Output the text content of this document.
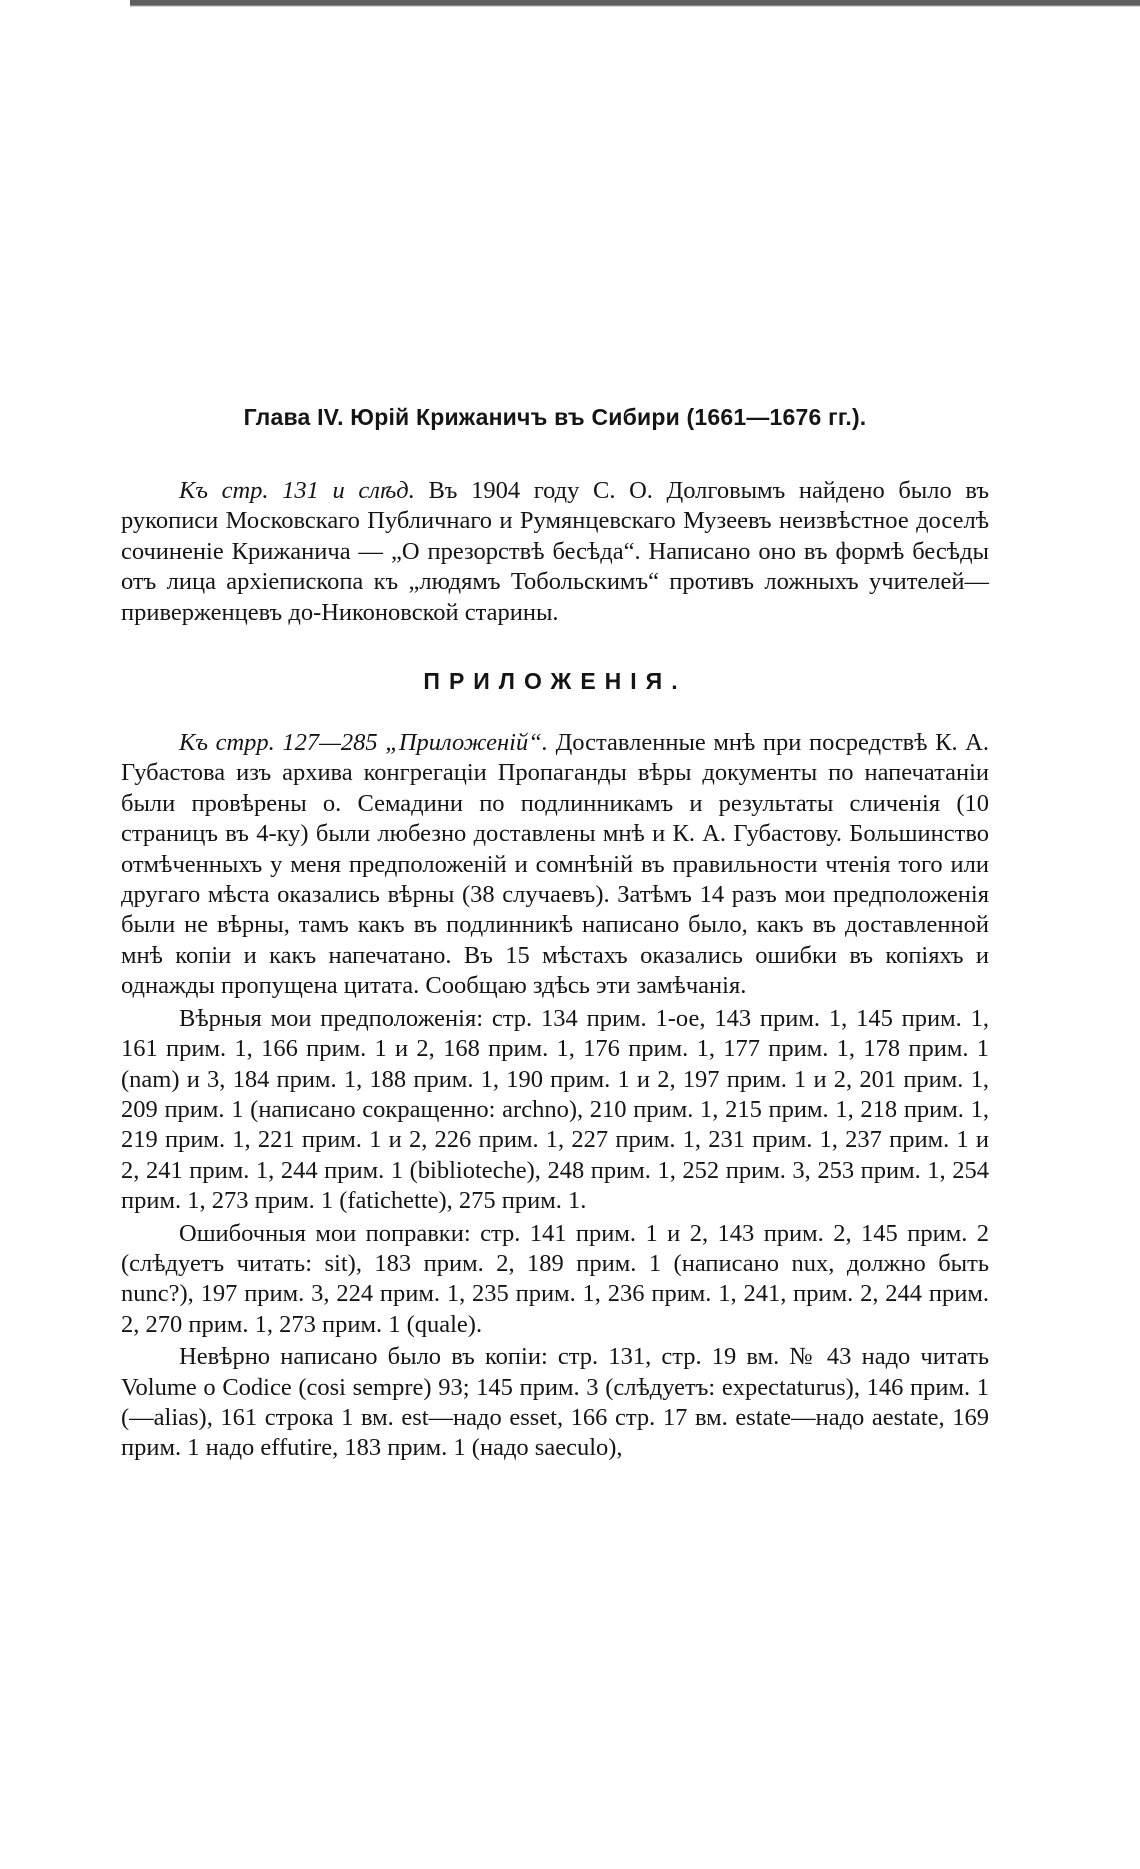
Глава IV. Юрій Крижаничъ въ Сибири (1661—1676 гг.).

Къ стр. 131 и слѣд. Въ 1904 году С. О. Долговымъ найдено было въ рукописи Московскаго Публичнаго и Румянцевскаго Музеевъ неизвѣстное доселѣ сочиненіе Крижанича — „О презорствѣ бесѣда“. Написано оно въ формѣ бесѣды отъ лица архіепископа къ „людямъ Тобольскимъ“ противъ ложныхъ учителей—приверженцевъ до-Никоновской старины.

ПРИЛОЖЕНІЯ.

Къ стрр. 127—285 „Приложеній“. Доставленные мнѣ при посредствѣ К. А. Губастова изъ архива конгрегаціи Пропаганды вѣры документы по напечатаніи были провѣрены о. Семадини по подлинникамъ и результаты сличенія (10 страницъ въ 4-ку) были любезно доставлены мнѣ и К. А. Губастову. Большинство отмѣченныхъ у меня предположеній и сомнѣній въ правильности чтенія того или другаго мѣста оказались вѣрны (38 случаевъ). Затѣмъ 14 разъ мои предположенія были не вѣрны, тамъ какъ въ подлинникѣ написано было, какъ въ доставленной мнѣ копіи и какъ напечатано. Въ 15 мѣстахъ оказались ошибки въ копіяхъ и однажды пропущена цитата. Сообщаю здѣсь эти замѣчанія.

Вѣрныя мои предположенія: стр. 134 прим. 1-ое, 143 прим. 1, 145 прим. 1, 161 прим. 1, 166 прим. 1 и 2, 168 прим. 1, 176 прим. 1, 177 прим. 1, 178 прим. 1 (nam) и 3, 184 прим. 1, 188 прим. 1, 190 прим. 1 и 2, 197 прим. 1 и 2, 201 прим. 1, 209 прим. 1 (написано сокращенно: archno), 210 прим. 1, 215 прим. 1, 218 прим. 1, 219 прим. 1, 221 прим. 1 и 2, 226 прим. 1, 227 прим. 1, 231 прим. 1, 237 прим. 1 и 2, 241 прим. 1, 244 прим. 1 (bibliotechе), 248 прим. 1, 252 прим. 3, 253 прим. 1, 254 прим. 1, 273 прим. 1 (fatichette), 275 прим. 1.

Ошибочныя мои поправки: стр. 141 прим. 1 и 2, 143 прим. 2, 145 прим. 2 (слѣдуетъ читать: sit), 183 прим. 2, 189 прим. 1 (написано nux, должно быть nunc?), 197 прим. 3, 224 прим. 1, 235 прим. 1, 236 прим. 1, 241, прим. 2, 244 прим. 2, 270 прим. 1, 273 прим. 1 (quale).

Невѣрно написано было въ копіи: стр. 131, стр. 19 вм. № 43 надо читать Volume o Codice (cosi sempre) 93; 145 прим. 3 (слѣдуетъ: expectaturus), 146 прим. 1 (—alias), 161 строка 1 вм. est—надо esset, 166 стр. 17 вм. estate—надо aestate, 169 прим. 1 надо effutire, 183 прим. 1 (надо saeculo),
